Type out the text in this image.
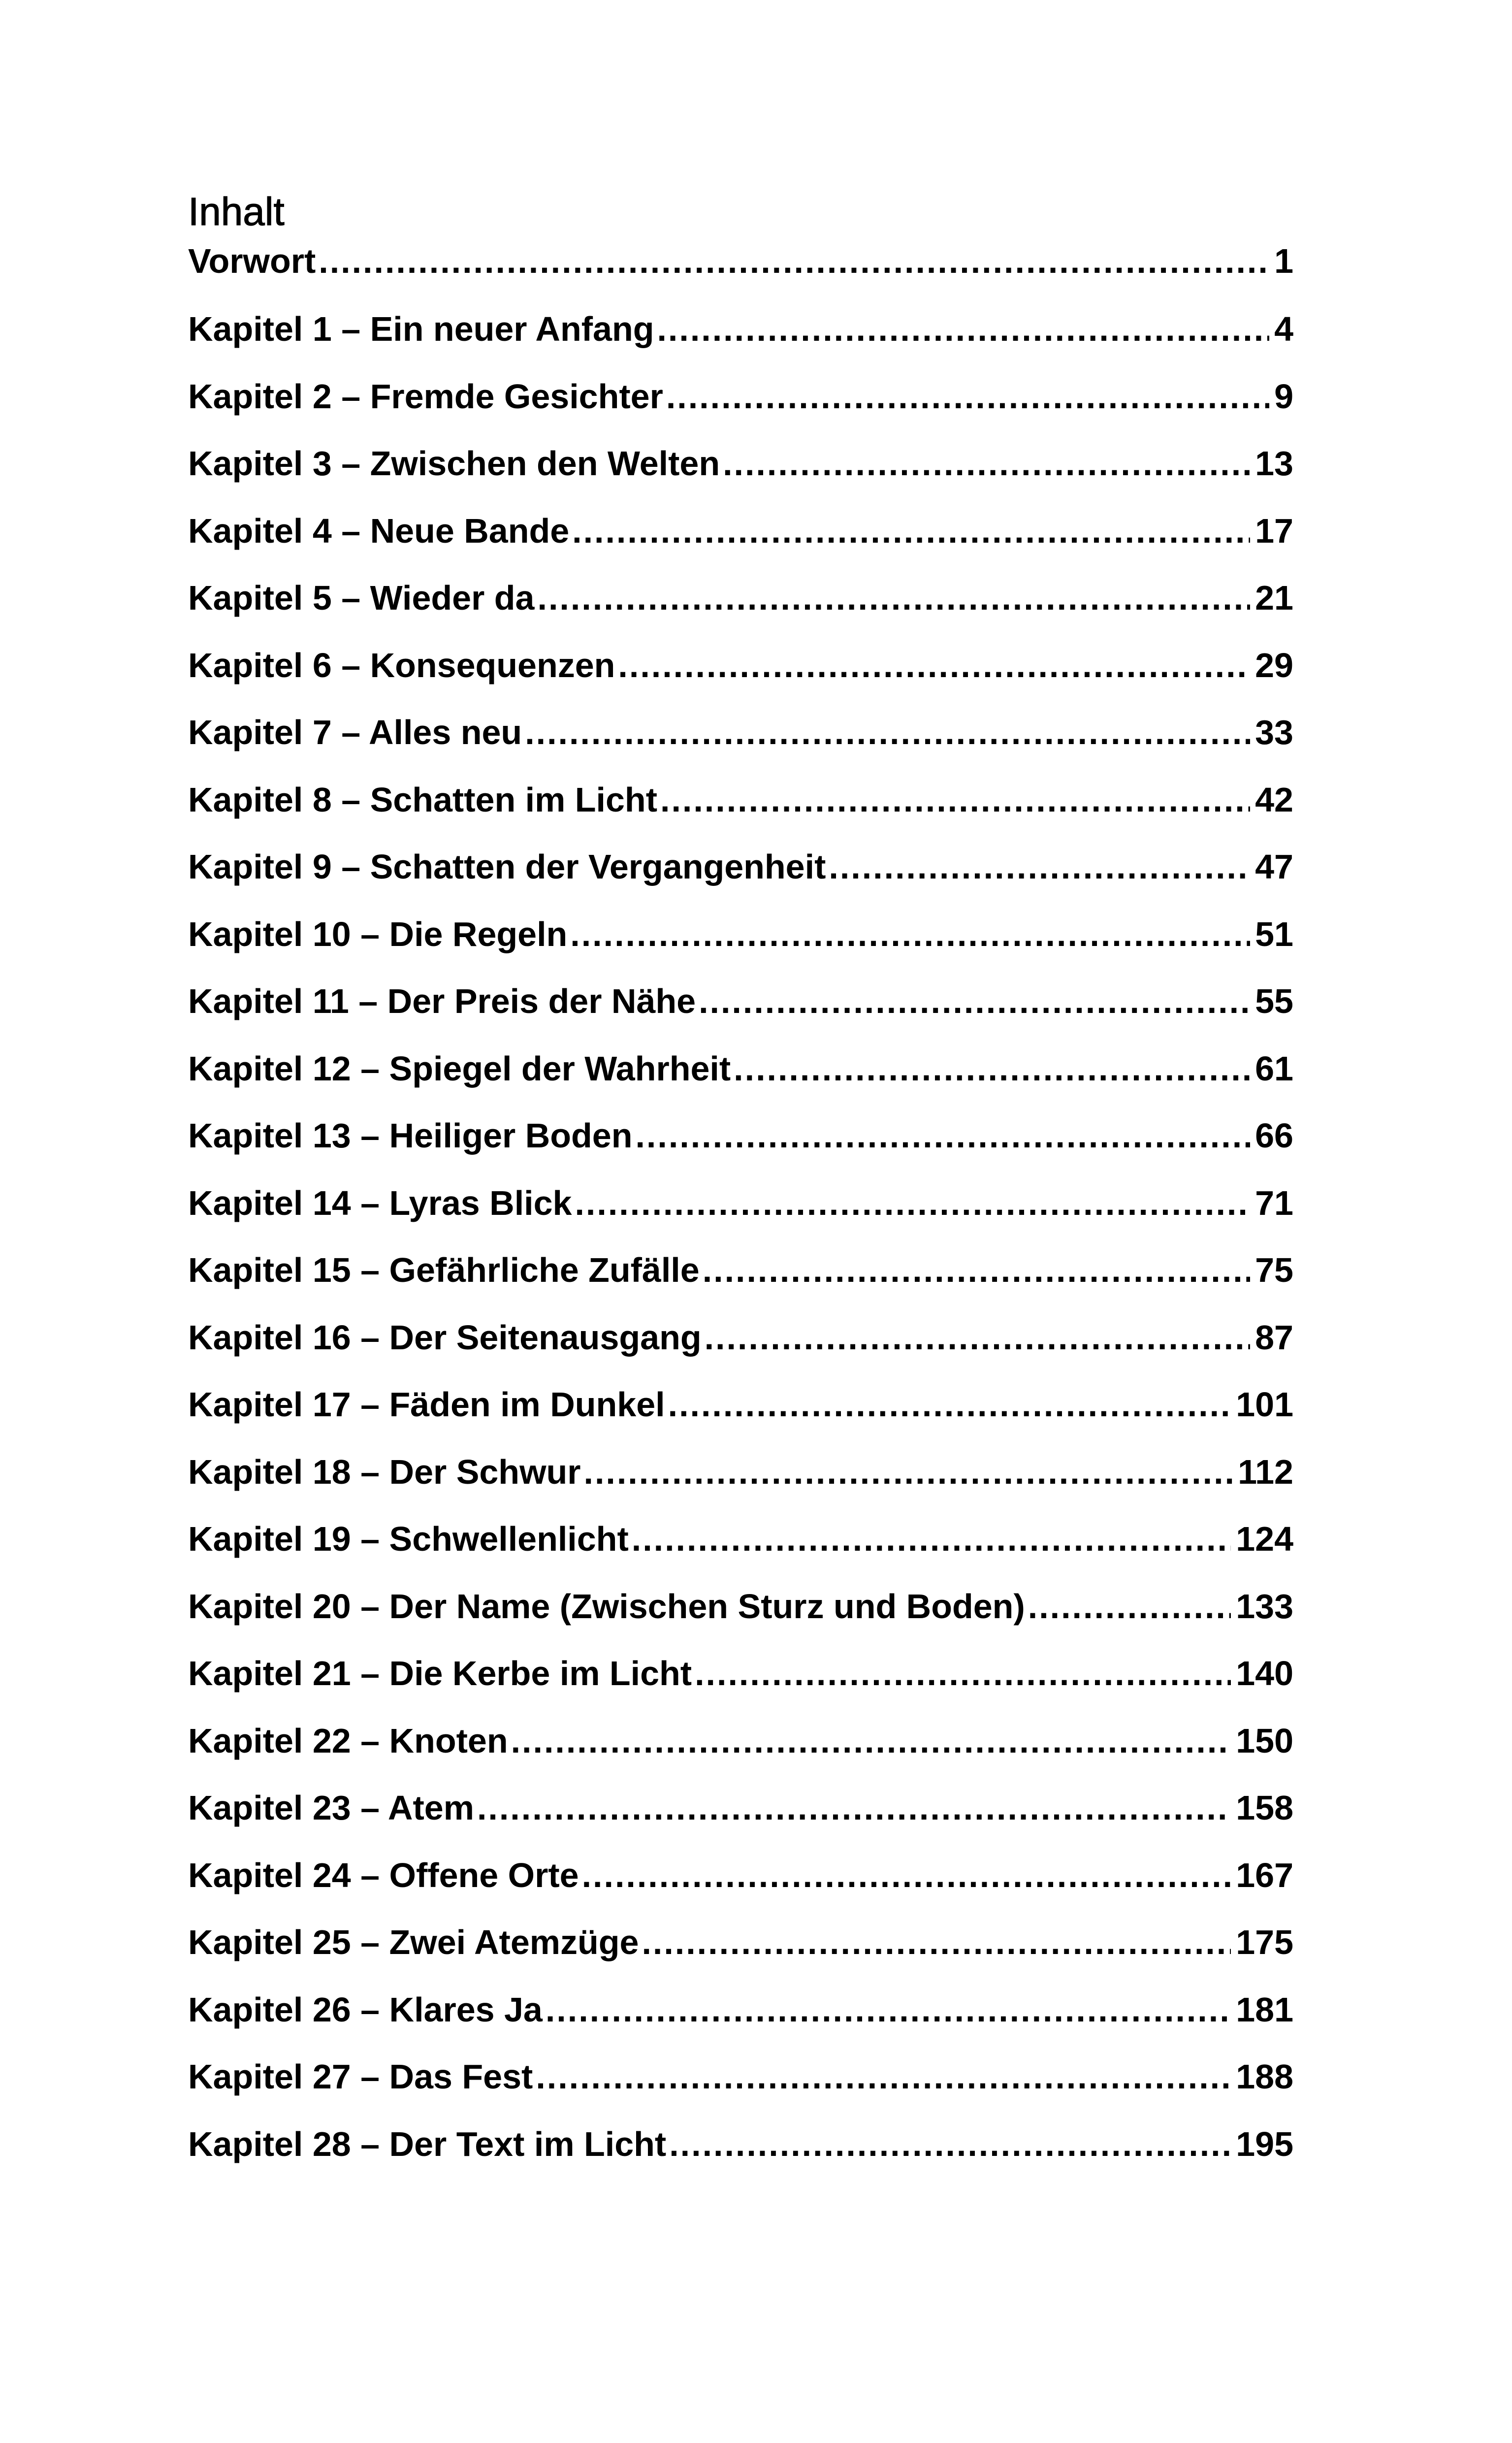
Inhalt
Vorwort .....	1
Kapitel 1 – Ein neuer Anfang .....	4
Kapitel 2 – Fremde Gesichter .....	9
Kapitel 3 – Zwischen den Welten .....	13
Kapitel 4 – Neue Bande .....	17
Kapitel 5 – Wieder da .....	21
Kapitel 6 – Konsequenzen .....	29
Kapitel 7 – Alles neu .....	33
Kapitel 8 – Schatten im Licht .....	42
Kapitel 9 – Schatten der Vergangenheit .....	47
Kapitel 10 – Die Regeln .....	51
Kapitel 11 – Der Preis der Nähe .....	55
Kapitel 12 – Spiegel der Wahrheit .....	61
Kapitel 13 – Heiliger Boden .....	66
Kapitel 14 – Lyras Blick .....	71
Kapitel 15 – Gefährliche Zufälle .....	75
Kapitel 16 – Der Seitenausgang .....	87
Kapitel 17 – Fäden im Dunkel .....	101
Kapitel 18 – Der Schwur .....	112
Kapitel 19 – Schwellenlicht .....	124
Kapitel 20 – Der Name (Zwischen Sturz und Boden) .....	133
Kapitel 21 – Die Kerbe im Licht .....	140
Kapitel 22 – Knoten .....	150
Kapitel 23 – Atem .....	158
Kapitel 24 – Offene Orte .....	167
Kapitel 25 – Zwei Atemzüge .....	175
Kapitel 26 – Klares Ja .....	181
Kapitel 27 – Das Fest .....	188
Kapitel 28 – Der Text im Licht .....	195
